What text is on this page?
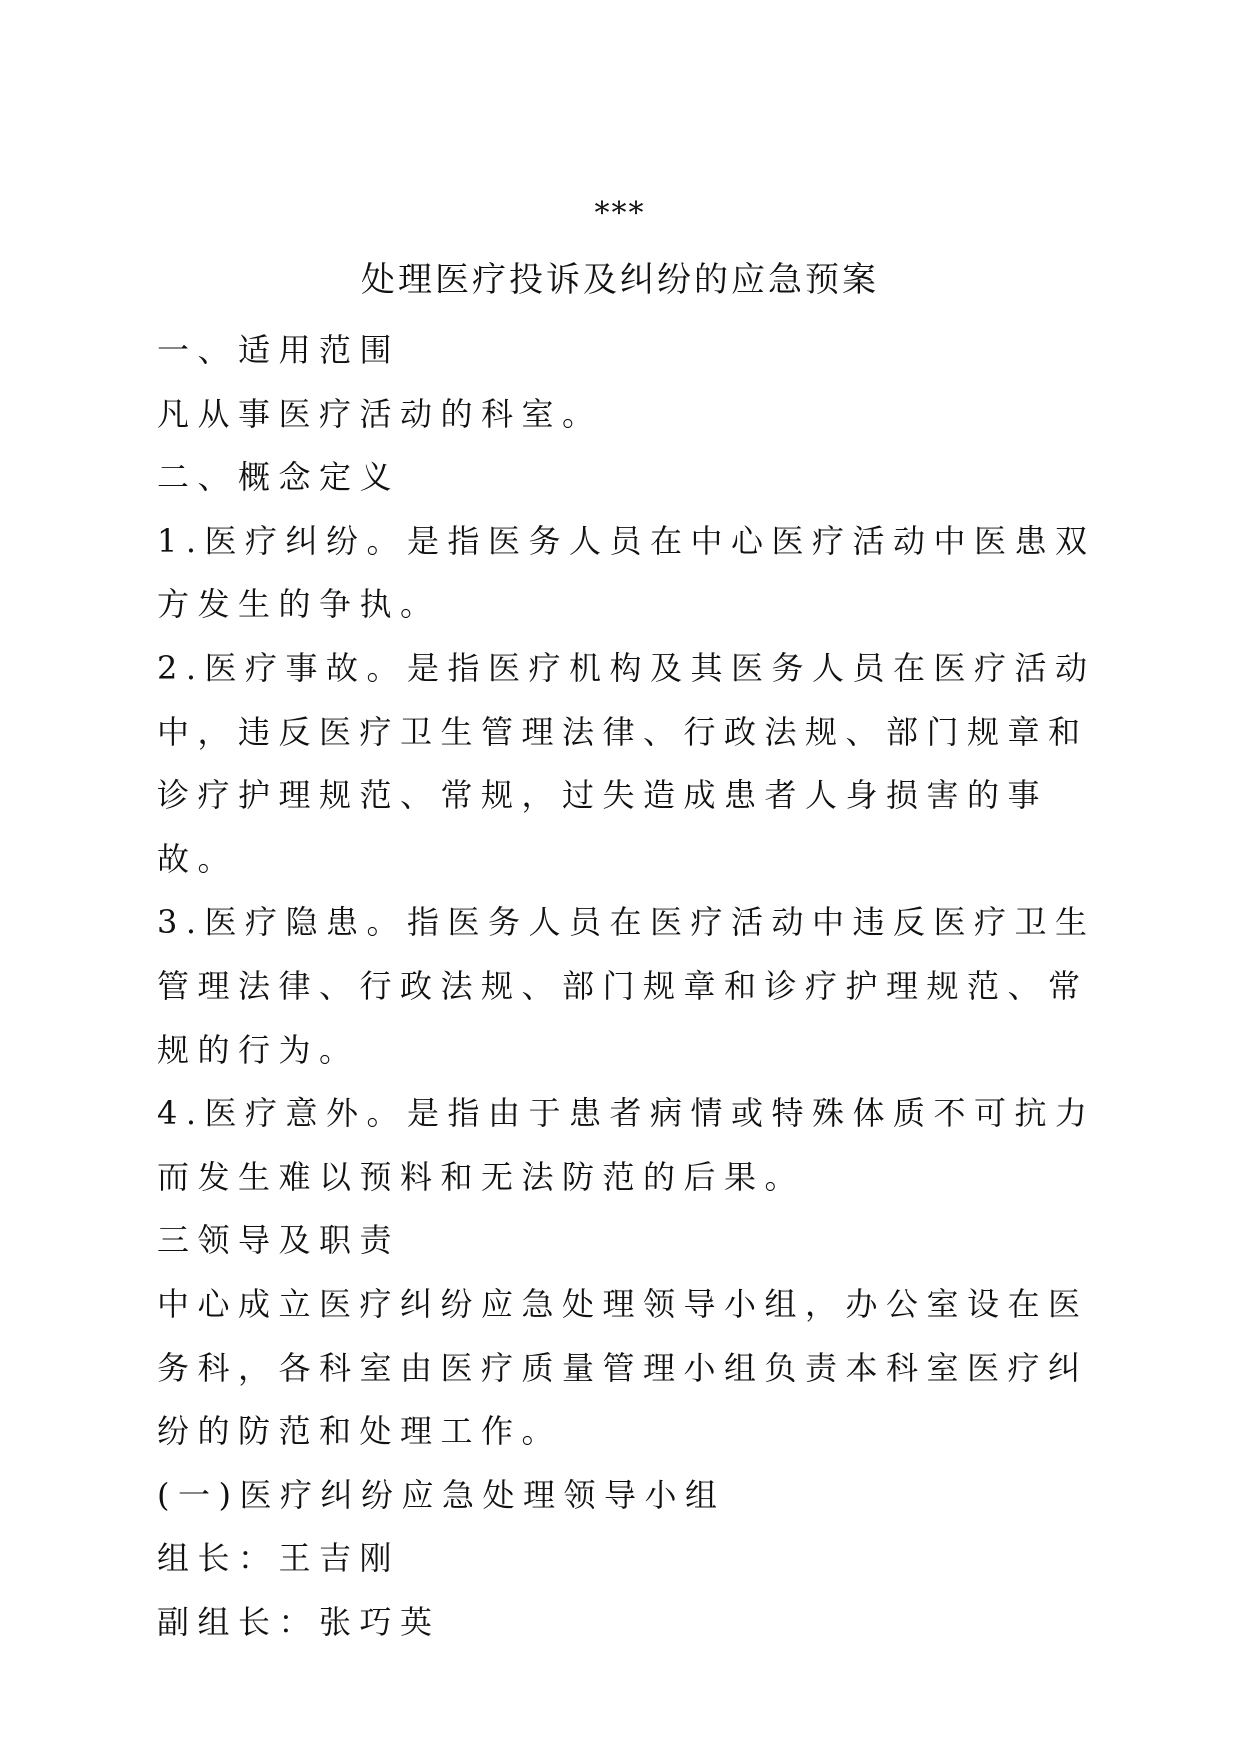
***
处理医疗投诉及纠纷的应急预案

一、适用范围

凡从事医疗活动的科室。

二、概念定义

1.医疗纠纷。是指医务人员在中心医疗活动中医患双方发生的争执。

2.医疗事故。是指医疗机构及其医务人员在医疗活动中，违反医疗卫生管理法律、行政法规、部门规章和诊疗护理规范、常规，过失造成患者人身损害的事故。

3.医疗隐患。指医务人员在医疗活动中违反医疗卫生管理法律、行政法规、部门规章和诊疗护理规范、常规的行为。

4.医疗意外。是指由于患者病情或特殊体质不可抗力而发生难以预料和无法防范的后果。

三领导及职责

中心成立医疗纠纷应急处理领导小组，办公室设在医务科，各科室由医疗质量管理小组负责本科室医疗纠纷的防范和处理工作。

(一)医疗纠纷应急处理领导小组

组长：王吉刚

副组长：张巧英
